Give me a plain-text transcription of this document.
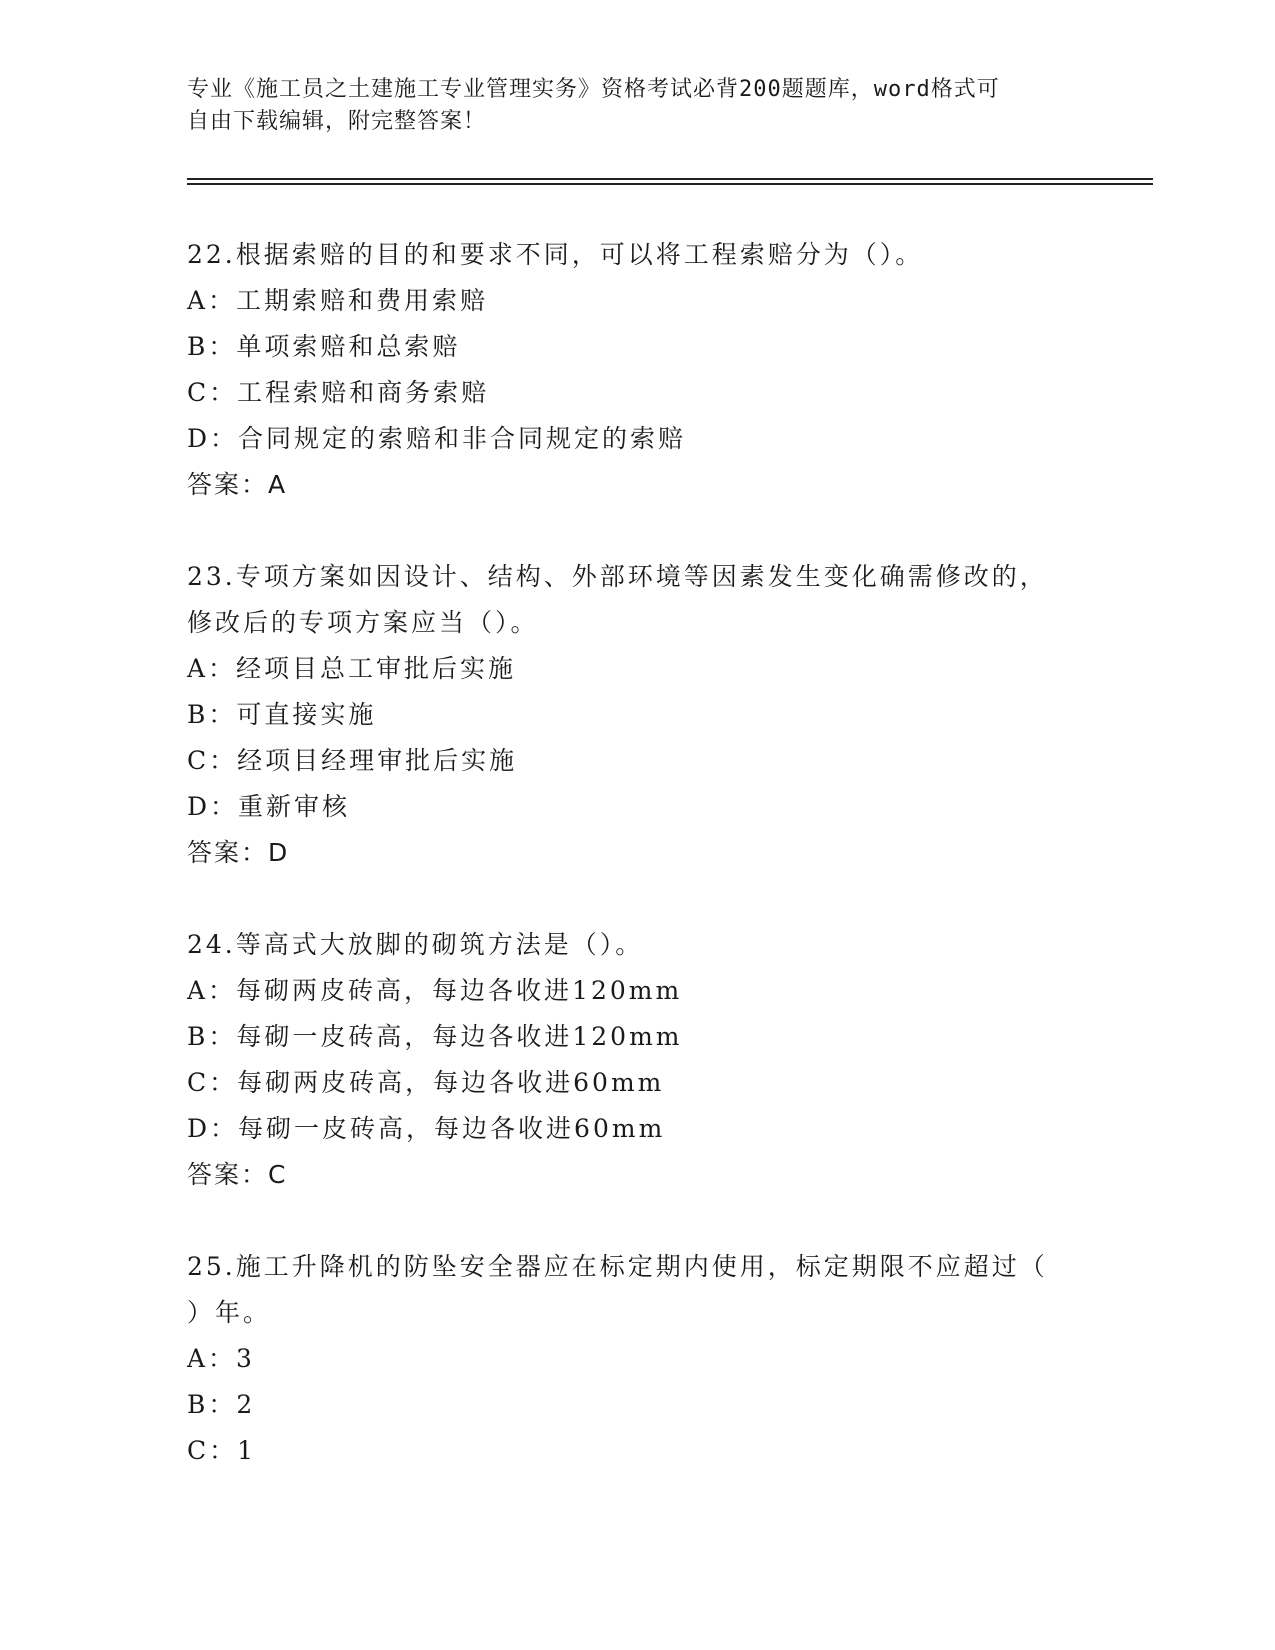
专业《施工员之土建施工专业管理实务》资格考试必背200题题库，word格式可
自由下载编辑，附完整答案！
22.根据索赔的目的和要求不同，可以将工程索赔分为（）。
A：工期索赔和费用索赔
B：单项索赔和总索赔
C：工程索赔和商务索赔
D：合同规定的索赔和非合同规定的索赔
答案：A
23.专项方案如因设计、结构、外部环境等因素发生变化确需修改的，
修改后的专项方案应当（）。
A：经项目总工审批后实施
B：可直接实施
C：经项目经理审批后实施
D：重新审核
答案：D
24.等高式大放脚的砌筑方法是（）。
A：每砌两皮砖高，每边各收进120mm
B：每砌一皮砖高，每边各收进120mm
C：每砌两皮砖高，每边各收进60mm
D：每砌一皮砖高，每边各收进60mm
答案：C
25.施工升降机的防坠安全器应在标定期内使用，标定期限不应超过（
）年。
A：3
B：2
C：1
